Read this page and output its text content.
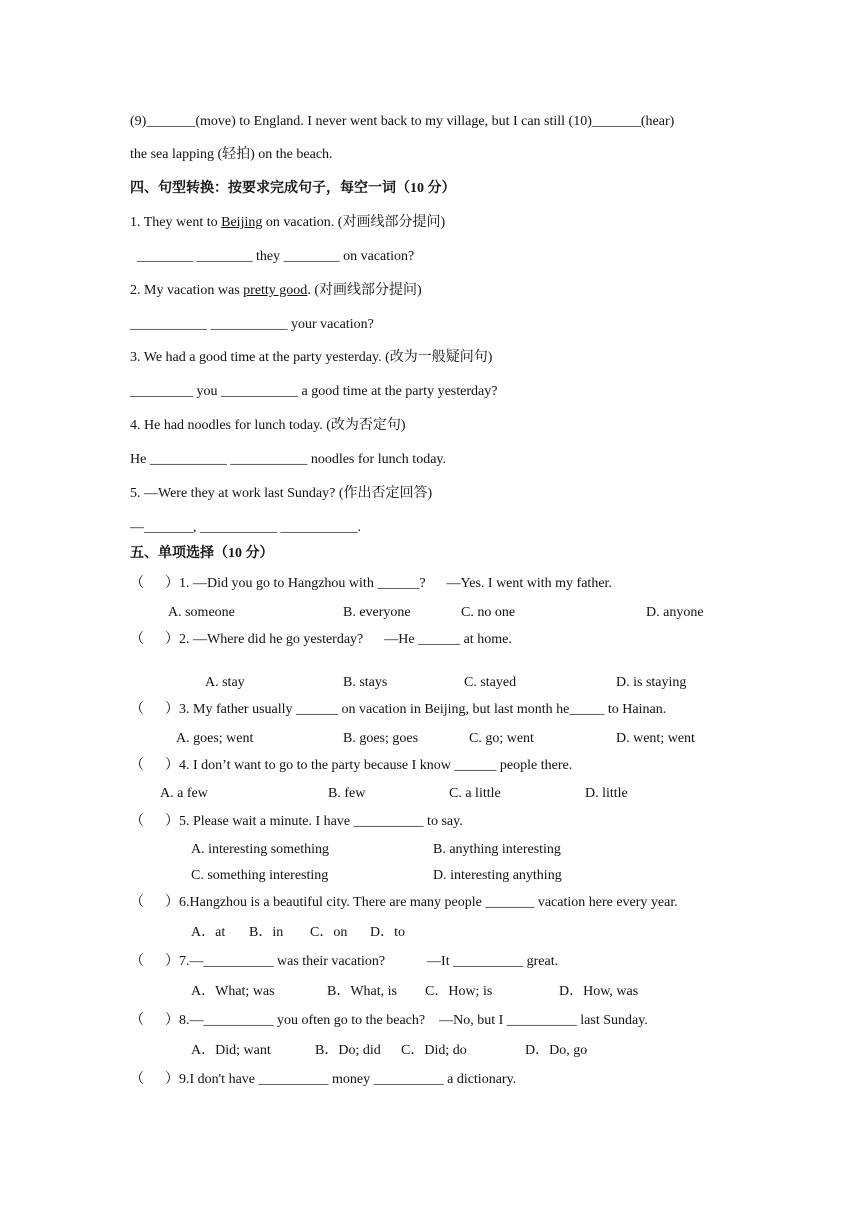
(9)_______(move) to England. I never went back to my village, but I can still (10)_______(hear)
the sea lapping (轻拍) on the beach.
四、句型转换：按要求完成句子，每空一词（10 分）
1. They went to Beijing on vacation. (对画线部分提问)
________ ________ they ________ on vacation?
2. My vacation was pretty good. (对画线部分提问)
___________ ___________ your vacation?
3. We had a good time at the party yesterday. (改为一般疑问句)
_________ you ___________ a good time at the party yesterday?
4. He had noodles for lunch today. (改为否定句)
He ___________ ___________ noodles for lunch today.
5. —Were they at work last Sunday? (作出否定回答)
—_______, ___________ ___________.
五、单项选择（10 分）
（      ）1. —Did you go to Hangzhou with ______?      —Yes. I went with my father.
A. someone	B. everyone	C. no one	D. anyone
（      ）2. —Where did he go yesterday?      —He ______ at home.
A. stay	B. stays	C. stayed	D. is staying
（      ）3. My father usually ______ on vacation in Beijing, but last month he_____ to Hainan.
A. goes; went	B. goes; goes	C. go; went	D. went; went
（      ）4. I don’t want to go to the party because I know ______ people there.
A. a few	B. few	C. a little	D. little
（      ）5. Please wait a minute. I have __________ to say.
A. interesting something	B. anything interesting
C. something interesting	D. interesting anything
（      ）6.Hangzhou is a beautiful city. There are many people _______ vacation here every year.
A．at B．in C．on D．to
（      ）7.—__________ was their vacation?            —It __________ great.
A．What; was	B．What, is C．How; is	D．How, was
（      ）8.—__________ you often go to the beach?    —No, but I __________ last Sunday.
A．Did; want	B．Do; did C．Did; do	D．Do, go
（      ）9.I don't have __________ money __________ a dictionary.
